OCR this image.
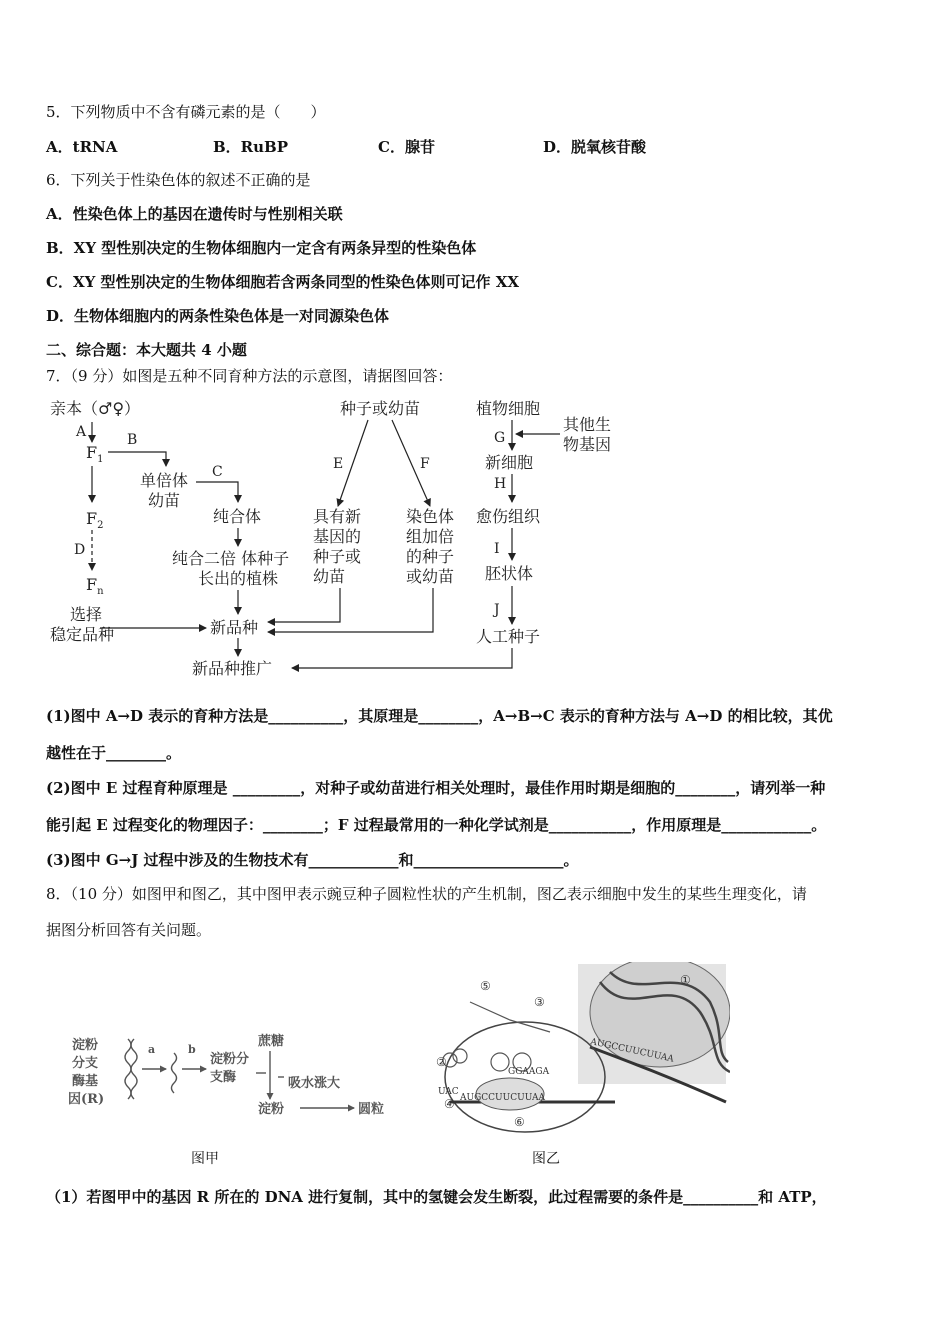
5．下列物质中不含有磷元素的是（　　）
A．tRNA	B．RuBP	C．腺苷	D．脱氧核苷酸
6．下列关于性染色体的叙述不正确的是
A．性染色体上的基因在遗传时与性别相关联
B．XY 型性别决定的生物体细胞内一定含有两条异型的性染色体
C．XY 型性别决定的生物体细胞若含两条同型的性染色体则可记作 XX
D．生物体细胞内的两条性染色体是一对同源染色体
二、综合题：本大题共 4 小题
7．（9 分）如图是五种不同育种方法的示意图，请据图回答：
亲本（♂♀）
A
$F_1$
B
$F_2$
D
$F_n$
选择
稳定品种
单倍体
幼苗
C
纯合体
纯合二倍 体种子
长出的植株
新品种
新品种推广
种子或幼苗
E	F
具有新
基因的
种子或
幼苗
染色体
组加倍
的种子
或幼苗
植物细胞
G
其他生
物基因
新细胞
H
愈伤组织
I
胚状体
J
人工种子
(1)图中 A→D 表示的育种方法是__________，其原理是________，A→B→C 表示的育种方法与 A→D 的相比较，其优
越性在于________。
(2)图中 E 过程育种原理是 _________，对种子或幼苗进行相关处理时，最佳作用时期是细胞的________，请列举一种
能引起 E 过程变化的物理因子：________；F 过程最常用的一种化学试剂是___________，作用原理是____________。
(3)图中 G→J 过程中涉及的生物技术有____________和____________________。
8．（10 分）如图甲和图乙，其中图甲表示豌豆种子圆粒性状的产生机制，图乙表示细胞中发生的某些生理变化，请
据图分析回答有关问题。
淀粉
分支
酶基
因(R)
a	b
淀粉分
支酶
蔗糖
吸水涨大
淀粉	圆粒
图甲
①
②
③
④
⑤
⑥
UAC
GGAAGA
AUGCCUUCUUAA
AUGCCUUCUUAA
图乙
（1）若图甲中的基因 R 所在的 DNA 进行复制，其中的氢键会发生断裂，此过程需要的条件是__________和 ATP，
